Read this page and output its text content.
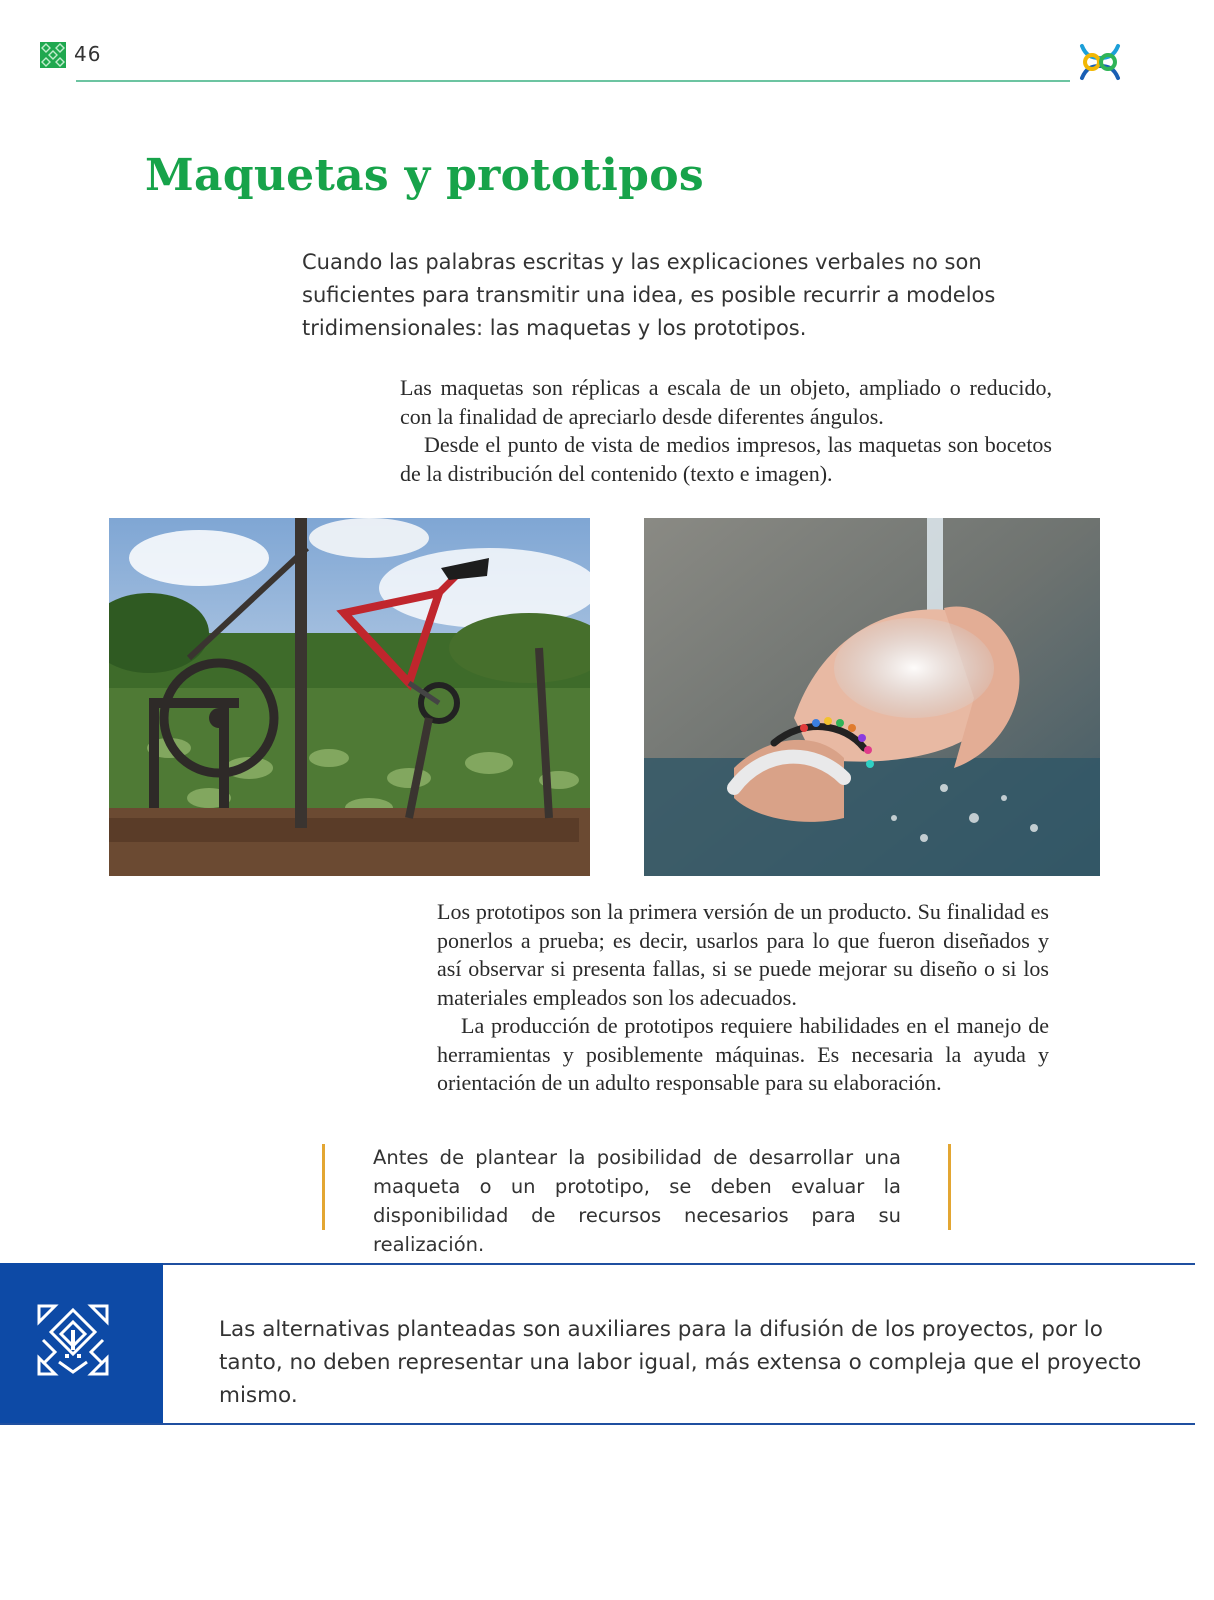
46
Maquetas y prototipos

Cuando las palabras escritas y las explicaciones verbales no son suficientes para transmitir una idea, es posible recurrir a modelos tridimensionales: las maquetas y los prototipos.

Las maquetas son réplicas a escala de un objeto, ampliado o reducido, con la finalidad de apreciarlo desde diferentes ángulos.

Desde el punto de vista de medios impresos, las maquetas son bocetos de la distribución del contenido (texto e imagen).

Los prototipos son la primera versión de un producto. Su finalidad es ponerlos a prueba; es decir, usarlos para lo que fueron diseñados y así observar si presenta fallas, si se puede mejorar su diseño o si los materiales empleados son los adecuados.

La producción de prototipos requiere habilidades en el manejo de herramientas y posiblemente máquinas. Es necesaria la ayuda y orientación de un adulto responsable para su elaboración.

Antes de plantear la posibilidad de desarrollar una maqueta o un prototipo, se deben evaluar la disponibilidad de recursos necesarios para su realización.

Las alternativas planteadas son auxiliares para la difusión de los proyectos, por lo tanto, no deben representar una labor igual, más extensa o compleja que el proyecto mismo.
